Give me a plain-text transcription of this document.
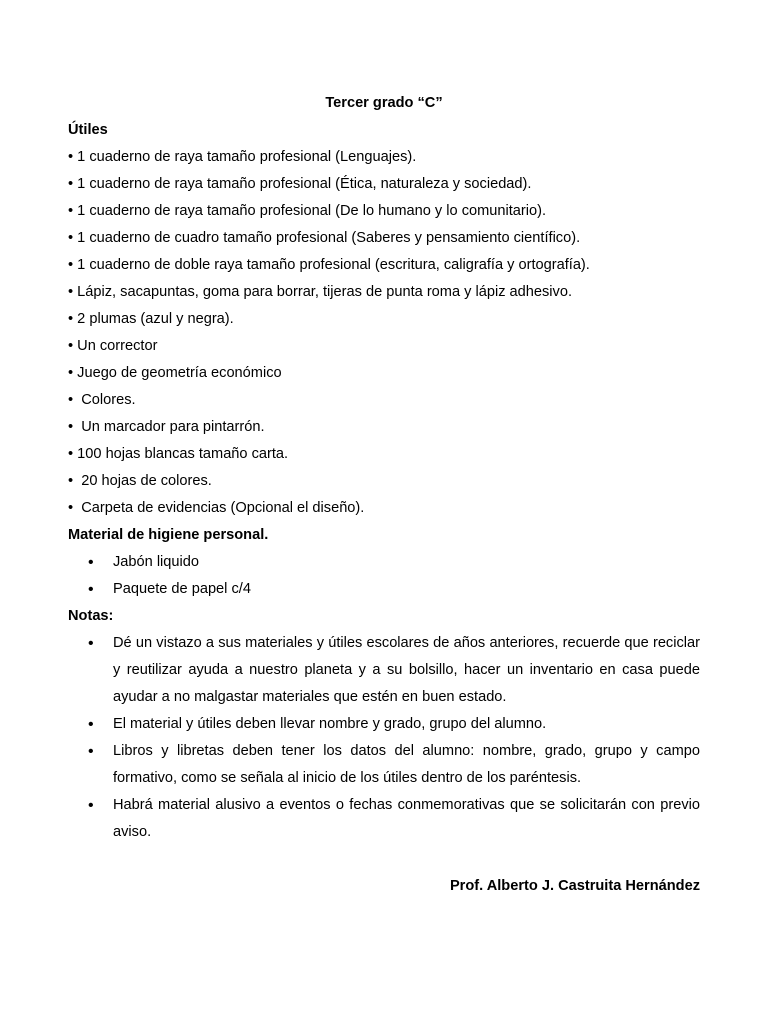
Tercer grado “C”

Útiles

• 1 cuaderno de raya tamaño profesional (Lenguajes).

• 1 cuaderno de raya tamaño profesional (Ética, naturaleza y sociedad).

• 1 cuaderno de raya tamaño profesional (De lo humano y lo comunitario).

• 1 cuaderno de cuadro tamaño profesional (Saberes y pensamiento científico).

• 1 cuaderno de doble raya tamaño profesional (escritura, caligrafía y ortografía).

• Lápiz, sacapuntas, goma para borrar, tijeras de punta roma y lápiz adhesivo.

• 2 plumas (azul y negra).

• Un corrector

• Juego de geometría económico

•  Colores.

•  Un marcador para pintarrón.

• 100 hojas blancas tamaño carta.

•  20 hojas de colores.

•  Carpeta de evidencias (Opcional el diseño).

Material de higiene personal.

• Jabón liquido
• Paquete de papel c/4

Notas:

• Dé un vistazo a sus materiales y útiles escolares de años anteriores, recuerde que reciclar y reutilizar ayuda a nuestro planeta y a su bolsillo, hacer un inventario en casa puede ayudar a no malgastar materiales que estén en buen estado.
• El material y útiles deben llevar nombre y grado, grupo del alumno.
• Libros y libretas deben tener los datos del alumno: nombre, grado, grupo y campo formativo, como se señala al inicio de los útiles dentro de los paréntesis.
• Habrá material alusivo a eventos o fechas conmemorativas que se solicitarán con previo aviso.

Prof. Alberto J. Castruita Hernández
